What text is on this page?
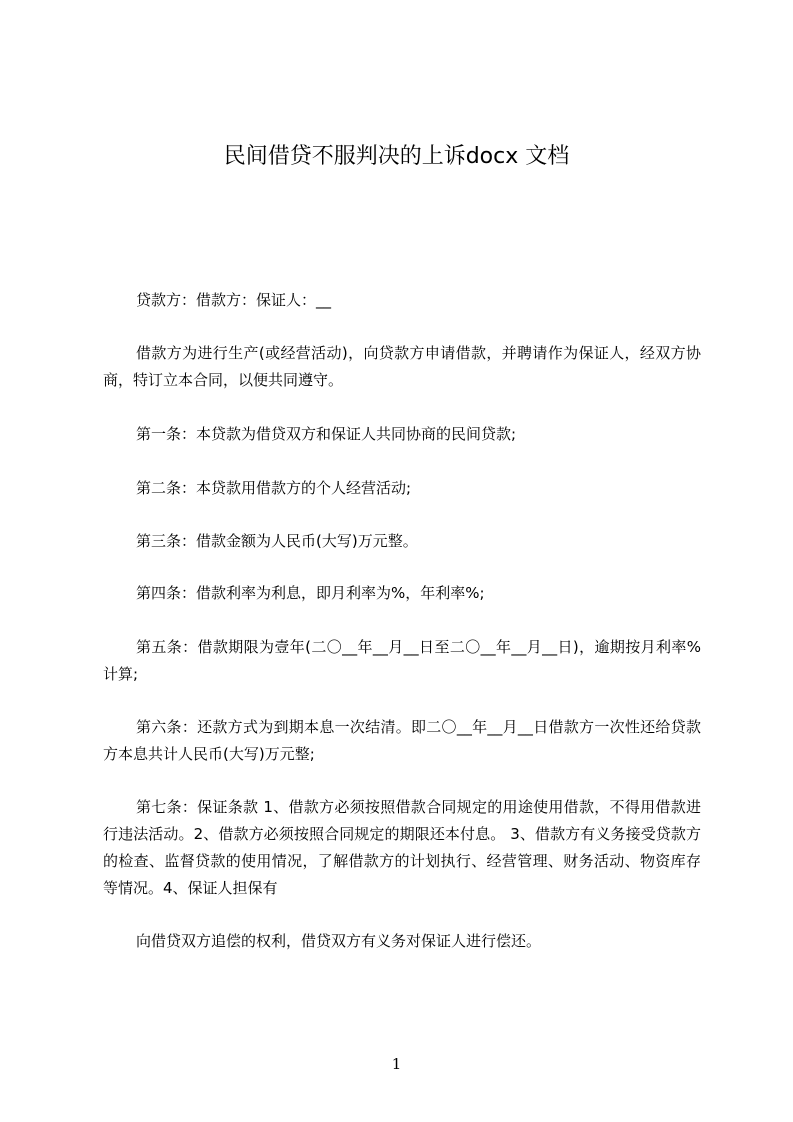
民间借贷不服判决的上诉docx 文档

贷款方：借款方：保证人：__

借款方为进行生产(或经营活动)，向贷款方申请借款，并聘请作为保证人，经双方协商，特订立本合同，以便共同遵守。

第一条：本贷款为借贷双方和保证人共同协商的民间贷款;

第二条：本贷款用借款方的个人经营活动;

第三条：借款金额为人民币(大写)万元整。

第四条：借款利率为利息，即月利率为%，年利率%;

第五条：借款期限为壹年(二〇__年__月__日至二〇__年__月__日)，逾期按月利率%计算;

第六条：还款方式为到期本息一次结清。即二〇__年__月__日借款方一次性还给贷款方本息共计人民币(大写)万元整;

第七条：保证条款 1、借款方必须按照借款合同规定的用途使用借款，不得用借款进行违法活动。2、借款方必须按照合同规定的期限还本付息。 3、借款方有义务接受贷款方的检查、监督贷款的使用情况，了解借款方的计划执行、经营管理、财务活动、物资库存等情况。4、保证人担保有

向借贷双方追偿的权利，借贷双方有义务对保证人进行偿还。

1
